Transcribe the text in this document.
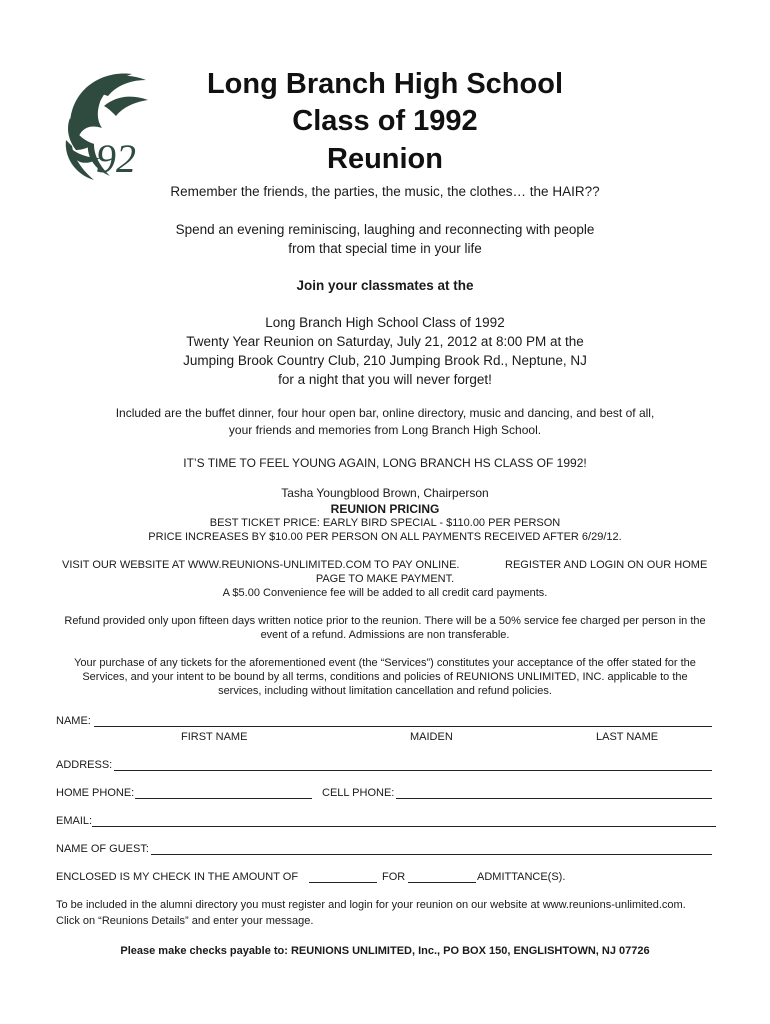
92
Long Branch High School
Class of 1992
Reunion
Remember the friends, the parties, the music, the clothes… the HAIR??
Spend an evening reminiscing, laughing and reconnecting with people
from that special time in your life
Join your classmates at the
Long Branch High School Class of 1992
Twenty Year Reunion on Saturday, July 21, 2012 at 8:00 PM at the
Jumping Brook Country Club, 210 Jumping Brook Rd., Neptune, NJ
for a night that you will never forget!
Included are the buffet dinner, four hour open bar, online directory, music and dancing, and best of all,
your friends and memories from Long Branch High School.
IT’S TIME TO FEEL YOUNG AGAIN, LONG BRANCH HS CLASS OF 1992!
Tasha Youngblood Brown, Chairperson
REUNION PRICING
BEST TICKET PRICE: EARLY BIRD SPECIAL - $110.00 PER PERSON
PRICE INCREASES BY $10.00 PER PERSON ON ALL PAYMENTS RECEIVED AFTER 6/29/12.
VISIT OUR WEBSITE AT WWW.REUNIONS-UNLIMITED.COM TO PAY ONLINE.	REGISTER AND LOGIN ON OUR HOME
PAGE TO MAKE PAYMENT.
A $5.00 Convenience fee will be added to all credit card payments.
Refund provided only upon fifteen days written notice prior to the reunion. There will be a 50% service fee charged per person in the
event of a refund. Admissions are non transferable.
Your purchase of any tickets for the aforementioned event (the “Services”) constitutes your acceptance of the offer stated for the
Services, and your intent to be bound by all terms, conditions and policies of REUNIONS UNLIMITED, INC. applicable to the
services, including without limitation cancellation and refund policies.
NAME:
FIRST NAME	MAIDEN	LAST NAME
ADDRESS:
HOME PHONE:	CELL PHONE:
EMAIL:
NAME OF GUEST:
ENCLOSED IS MY CHECK IN THE AMOUNT OF	FOR	ADMITTANCE(S).
To be included in the alumni directory you must register and login for your reunion on our website at www.reunions-unlimited.com.
Click on “Reunions Details” and enter your message.
Please make checks payable to: REUNIONS UNLIMITED, Inc., PO BOX 150, ENGLISHTOWN, NJ 07726
